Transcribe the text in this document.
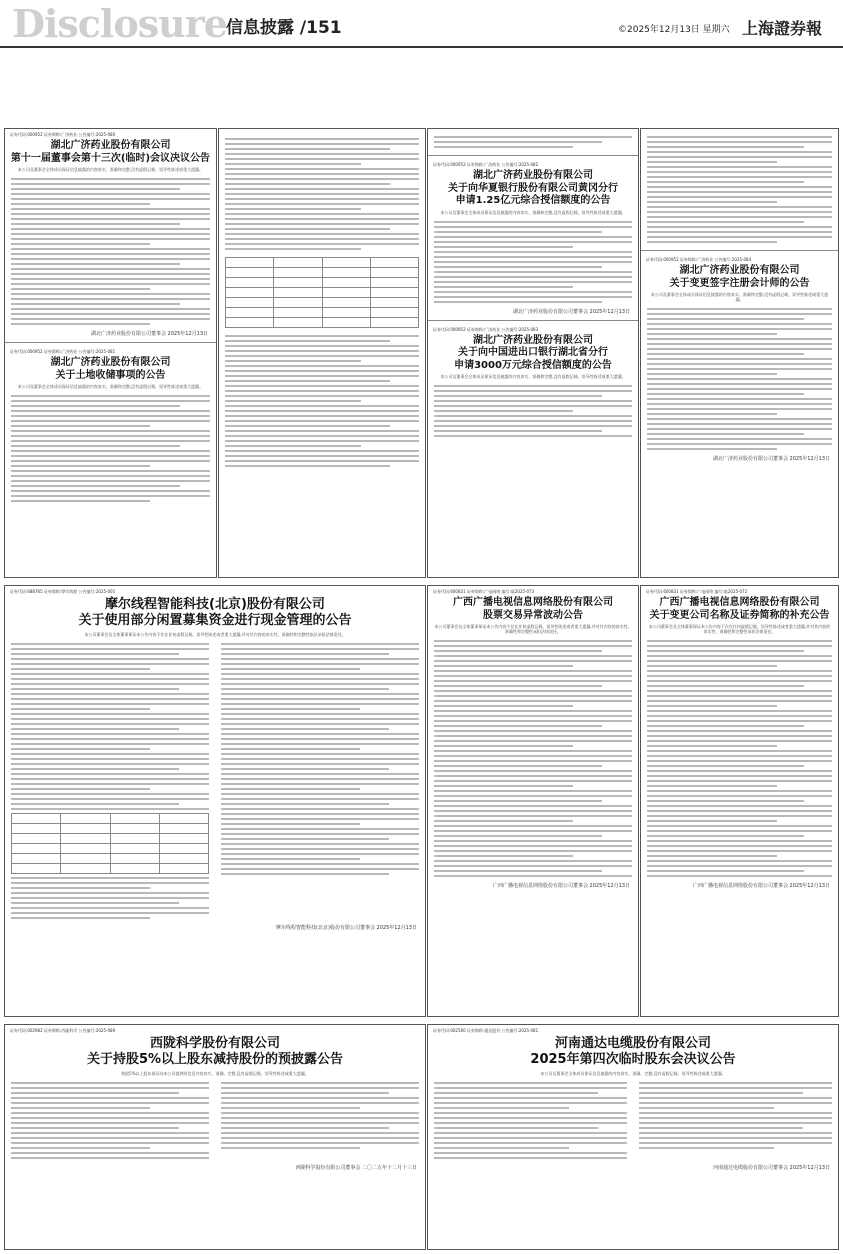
Disclosure 信息披露 /151	©2025年12月13日 星期六 上海證券報
证券代码:000952 证券简称:广济药业 公告编号:2025-080
湖北广济药业股份有限公司
第十一届董事会第十三次(临时)会议决议公告
本公司及董事会全体成员保证信息披露的内容真实、准确和完整,没有虚假记载、误导性陈述或重大遗漏。
湖北广济药业股份有限公司董事会 2025年12月13日
证券代码:000952 证券简称:广济药业 公告编号:2025-081
湖北广济药业股份有限公司
关于土地收储事项的公告
本公司及董事会全体成员保证信息披露的内容真实、准确和完整,没有虚假记载、误导性陈述或重大遗漏。

证券代码:000952 证券简称:广济药业 公告编号:2025-082
湖北广济药业股份有限公司
关于向华夏银行股份有限公司黄冈分行
申请1.25亿元综合授信额度的公告
本公司及董事会全体成员保证信息披露的内容真实、准确和完整,没有虚假记载、误导性陈述或重大遗漏。
湖北广济药业股份有限公司董事会 2025年12月13日
证券代码:000952 证券简称:广济药业 公告编号:2025-083
湖北广济药业股份有限公司
关于向中国进出口银行湖北省分行
申请3000万元综合授信额度的公告
本公司及董事会全体成员保证信息披露的内容真实、准确和完整,没有虚假记载、误导性陈述或重大遗漏。
证券代码:000952 证券简称:广济药业 公告编号:2025-084
湖北广济药业股份有限公司
关于变更签字注册会计师的公告
本公司及董事会全体成员保证信息披露的内容真实、准确和完整,没有虚假记载、误导性陈述或重大遗漏。
湖北广济药业股份有限公司董事会 2025年12月13日
证券代码:688765 证券简称:摩尔线程 公告编号:2025-005
摩尔线程智能科技(北京)股份有限公司
关于使用部分闲置募集资金进行现金管理的公告
本公司董事会及全体董事保证本公告内容不存在任何虚假记载、误导性陈述或者重大遗漏,并对其内容的真实性、准确性和完整性依法承担法律责任。

摩尔线程智能科技(北京)股份有限公司董事会 2025年12月13日
证券代码:600831 证券简称:广电网络 编号:临2025-073
广西广播电视信息网络股份有限公司
股票交易异常波动公告
本公司董事会及全体董事保证本公告内容不存在任何虚假记载、误导性陈述或者重大遗漏,并对其内容的真实性、准确性和完整性承担法律责任。
广西广播电视信息网络股份有限公司董事会 2025年12月13日
证券代码:600831 证券简称:广电网络 编号:临2025-072
广西广播电视信息网络股份有限公司
关于变更公司名称及证券简称的补充公告
本公司董事会及全体董事保证本公告内容不存在任何虚假记载、误导性陈述或者重大遗漏,并对其内容的真实性、准确性和完整性承担法律责任。
广西广播电视信息网络股份有限公司董事会 2025年12月13日
证券代码:002982 证券简称:西陇科学 公告编号:2025-089
西陇科学股份有限公司
关于持股5%以上股东减持股份的预披露公告
持股5%以上股东保证向本公司提供的信息内容真实、准确、完整,没有虚假记载、误导性陈述或重大遗漏。
西陇科学股份有限公司董事会 二〇二五年十二月十三日
证券代码:002560 证券简称:通达股份 公告编号:2025-081
河南通达电缆股份有限公司
2025年第四次临时股东会决议公告
本公司及董事会全体成员保证信息披露的内容真实、准确、完整,没有虚假记载、误导性陈述或重大遗漏。
河南通达电缆股份有限公司董事会 2025年12月13日
